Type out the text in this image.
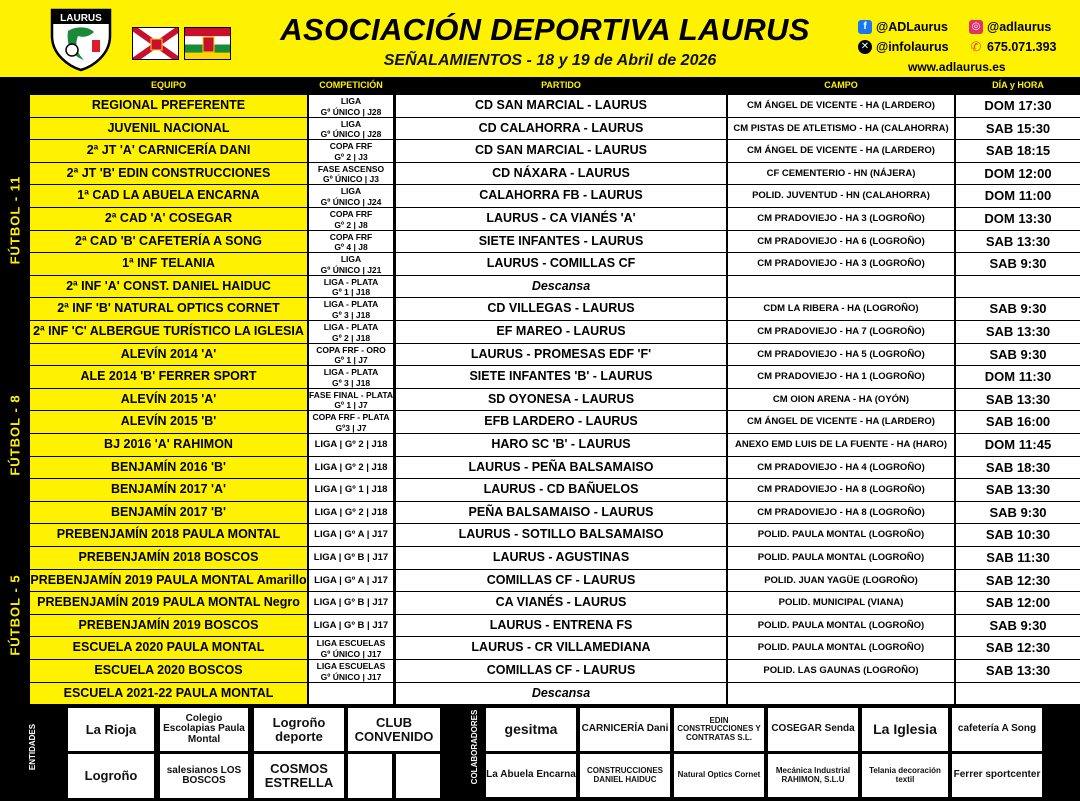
LAURUS	ASOCIACIÓN DEPORTIVA LAURUS
SEÑALAMIENTOS - 18 y 19 de Abril de 2026
f @ADLaurus ◎ @adlaurus
✕ @infolaurus ✆ 675.071.393
www.adlaurus.es
EQUIPO	COMPETICIÓN	PARTIDO	CAMPO	DÍA y HORA
FÚTBOL - 11
FÚTBOL - 8
FÚTBOL - 5
REGIONAL PREFERENTE	LIGA
Gº ÚNICO | J28	CD SAN MARCIAL - LAURUS	CM ÁNGEL DE VICENTE - HA (LARDERO)	DOM 17:30
JUVENIL NACIONAL	LIGA
Gº ÚNICO | J28	CD CALAHORRA - LAURUS	CM PISTAS DE ATLETISMO - HA (CALAHORRA)	SAB 15:30
2ª JT 'A' CARNICERÍA DANI	COPA FRF
Gº 2 | J3	CD SAN MARCIAL - LAURUS	CM ÁNGEL DE VICENTE - HA (LARDERO)	SAB 18:15
2ª JT 'B' EDIN CONSTRUCCIONES	FASE ASCENSO
Gº ÚNICO | J3	CD NÁXARA - LAURUS	CF CEMENTERIO - HN (NÁJERA)	DOM 12:00
1ª CAD LA ABUELA ENCARNA	LIGA
Gº ÚNICO | J24	CALAHORRA FB - LAURUS	POLID. JUVENTUD - HN (CALAHORRA)	DOM 11:00
2ª CAD 'A' COSEGAR	COPA FRF
Gº 2 | J8	LAURUS - CA VIANÉS 'A'	CM PRADOVIEJO - HA 3 (LOGROÑO)	DOM 13:30
2ª CAD 'B' CAFETERÍA A SONG	COPA FRF
Gº 4 | J8	SIETE INFANTES - LAURUS	CM PRADOVIEJO - HA 6 (LOGROÑO)	SAB 13:30
1ª INF TELANIA	LIGA
Gº ÚNICO | J21	LAURUS - COMILLAS CF	CM PRADOVIEJO - HA 3 (LOGROÑO)	SAB 9:30
2ª INF 'A' CONST. DANIEL HAIDUC	LIGA - PLATA
Gº 1 | J18	Descansa
2ª INF 'B' NATURAL OPTICS CORNET	LIGA - PLATA
Gº 3 | J18	CD VILLEGAS - LAURUS	CDM LA RIBERA - HA (LOGROÑO)	SAB 9:30
2ª INF 'C' ALBERGUE TURÍSTICO LA IGLESIA	LIGA - PLATA
Gº 2 | J18	EF MAREO - LAURUS	CM PRADOVIEJO - HA 7 (LOGROÑO)	SAB 13:30
ALEVÍN 2014 'A'	COPA FRF - ORO
Gº 1 | J7	LAURUS - PROMESAS EDF 'F'	CM PRADOVIEJO - HA 5 (LOGROÑO)	SAB 9:30
ALE 2014 'B' FERRER SPORT	LIGA - PLATA
Gº 3 | J18	SIETE INFANTES 'B' - LAURUS	CM PRADOVIEJO - HA 1 (LOGROÑO)	DOM 11:30
ALEVÍN 2015 'A'	FASE FINAL - PLATA
Gº 1 | J7	SD OYONESA - LAURUS	CM OION ARENA - HA (OYÓN)	SAB 13:30
ALEVÍN 2015 'B'	COPA FRF - PLATA
Gº3 | J7	EFB LARDERO - LAURUS	CM ÁNGEL DE VICENTE - HA (LARDERO)	SAB 16:00
BJ 2016 'A' RAHIMON	LIGA | Gº 2 | J18	HARO SC 'B' - LAURUS	ANEXO EMD LUIS DE LA FUENTE - HA (HARO)	DOM 11:45
BENJAMÍN 2016 'B'	LIGA | Gº 2 | J18	LAURUS - PEÑA BALSAMAISO	CM PRADOVIEJO - HA 4 (LOGROÑO)	SAB 18:30
BENJAMÍN 2017 'A'	LIGA | Gº 1 | J18	LAURUS - CD BAÑUELOS	CM PRADOVIEJO - HA 8 (LOGROÑO)	SAB 13:30
BENJAMÍN 2017 'B'	LIGA | Gº 2 | J18	PEÑA BALSAMAISO - LAURUS	CM PRADOVIEJO - HA 8 (LOGROÑO)	SAB 9:30
PREBENJAMÍN 2018 PAULA MONTAL	LIGA | Gº A | J17	LAURUS - SOTILLO BALSAMAISO	POLID. PAULA MONTAL (LOGROÑO)	SAB 10:30
PREBENJAMÍN 2018 BOSCOS	LIGA | Gº B | J17	LAURUS - AGUSTINAS	POLID. PAULA MONTAL (LOGROÑO)	SAB 11:30
PREBENJAMÍN 2019 PAULA MONTAL Amarillo LIGA | Gº A | J17	COMILLAS CF - LAURUS	POLID. JUAN YAGÜE (LOGROÑO)	SAB 12:30
PREBENJAMÍN 2019 PAULA MONTAL Negro	LIGA | Gº B | J17	CA VIANÉS - LAURUS	POLID. MUNICIPAL (VIANA)	SAB 12:00
PREBENJAMÍN 2019 BOSCOS	LIGA | Gº B | J17	LAURUS - ENTRENA FS	POLID. PAULA MONTAL (LOGROÑO)	SAB 9:30
ESCUELA 2020 PAULA MONTAL	LIGA ESCUELAS
Gº ÚNICO | J17	LAURUS - CR VILLAMEDIANA	POLID. PAULA MONTAL (LOGROÑO)	SAB 12:30
ESCUELA 2020 BOSCOS	LIGA ESCUELAS
Gº ÚNICO | J17	COMILLAS CF - LAURUS	POLID. LAS GAUNAS (LOGROÑO)	SAB 13:30
ESCUELA 2021-22 PAULA MONTAL	Descansa
ENTIDADES	COLABORADORES
La Rioja
Colegio Escolapias Paula Montal
Logroño deporte
CLUB CONVENIDO
Logroño	salesianos LOS BOSCOS
COSMOS ESTRELLA
gesitma	CARNICERÍA Dani
EDIN CONSTRUCCIONES Y CONTRATAS S.L.
COSEGAR Senda	La Iglesia	cafetería A Song
La Abuela Encarna	CONSTRUCCIONES DANIEL HAIDUC	Natural Optics Cornet	Mecánica Industrial RAHIMON, S.L.U
Telania decoración textil	Ferrer sportcenter
